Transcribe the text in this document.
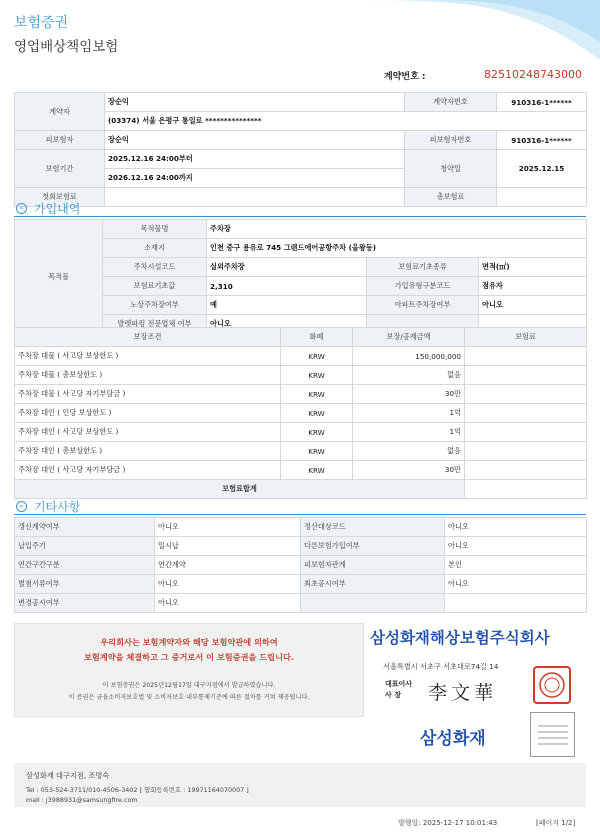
보험증권
영업배상책임보험
계약번호 :	82510248743000
계약자	장순익	계약자번호	910316-1******
	(03374) 서울 은평구 통일로 ***************		
피보험자	장순익	피보험자번호	910316-1******
보험기간	2025.12.16 24:00부터	청약일	2025.12.15
	2026.12.16 24:00까지		
첫회보험료		총보험료	
» 가입내역
목적물	목적물명	주차장		
	소재지	인천 중구 용유로 745 그랜드에어공항주차 (을왕동)		
	주차시설코드	실외주차장	보험료기초종류	면적(㎡)
	보험료기초값	2,310	가입유형구분코드	점유자
	노상주차장여부	예	아파트주차장여부	아니오
	발렛파킹 전문업체 여부	아니오		
보장조건	화폐	보장/공제금액	보험료
주차장 대물 ( 사고당 보상한도 )	KRW	150,000,000	
주차장 대물 ( 총보상한도 )	KRW	없음	
주차장 대물 ( 사고당 자기부담금 )	KRW	30만	
주차장 대인 ( 인당 보상한도 )	KRW	1억	
주차장 대인 ( 사고당 보상한도 )	KRW	1억	
주차장 대인 ( 총보상한도 )	KRW	없음	
주차장 대인 ( 사고당 자기부담금 )	KRW	30만	
보험료합계			
» 기타사항
갱신계약여부	아니오	정산대상코드	아니오
납입주기	일시납	다른보험가입여부	아니오
연간구간구분	연간계약	피보험자관계	본인
별첨서류여부	아니오	최초공시여부	아니오
변경공시여부	아니오		
우리회사는 보험계약자와 해당 보험약관에 의하여
보험계약을 체결하고 그 증거로서 이 보험증권을 드립니다.
이 보험증권은 2025년12월17일 대구지점에서 발급하였습니다.
이 증권은 금융소비자보호법 및 소비자보호 내부통제기준에 따른 절차를 거쳐 제공됩니다.
삼성화재해상보험주식회사
서울특별시 서초구 서초대로74길 14
대표이사
사 장	李文華
삼성화재
삼성화재 대구지점, 조명숙
Tel : 053-524-3711/010-4506-3402 [ 협회등록번호 : 19971164070007 ]
mail : j3988931@samsungfire.com
발행일: 2025-12-17 10:01:43	[페이지 1/2]
